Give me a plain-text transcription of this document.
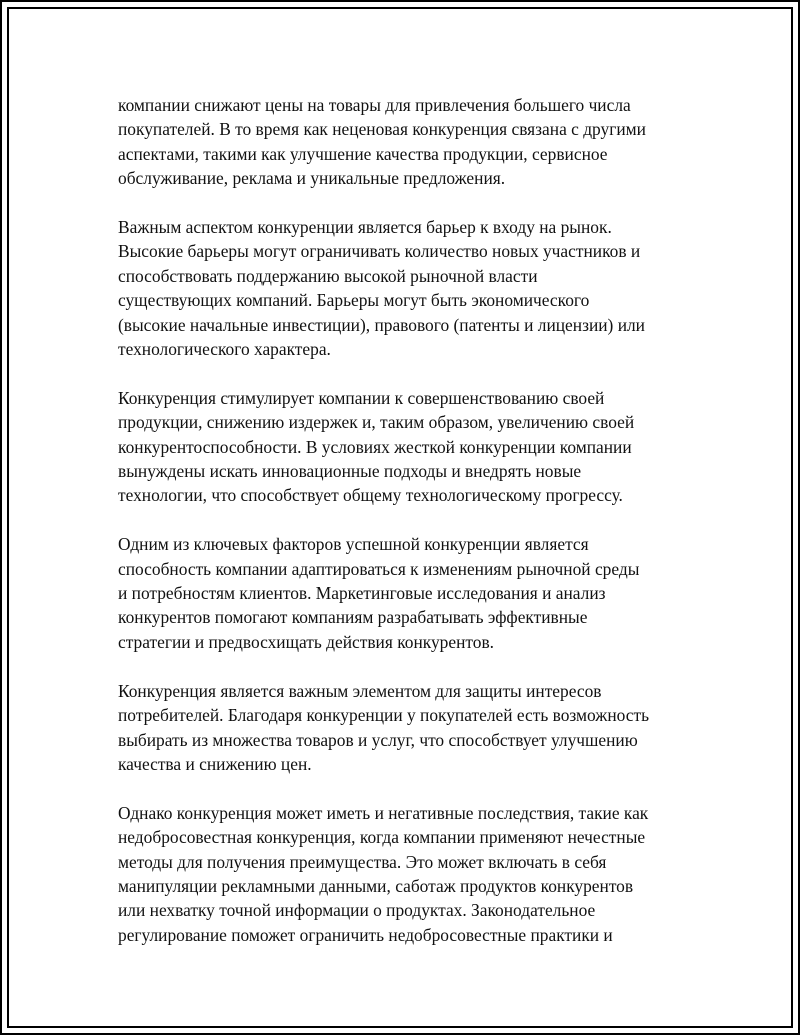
компании снижают цены на товары для привлечения большего числа
покупателей. В то время как неценовая конкуренция связана с другими
аспектами, такими как улучшение качества продукции, сервисное
обслуживание, реклама и уникальные предложения.

Важным аспектом конкуренции является барьер к входу на рынок.
Высокие барьеры могут ограничивать количество новых участников и
способствовать поддержанию высокой рыночной власти
существующих компаний. Барьеры могут быть экономического
(высокие начальные инвестиции), правового (патенты и лицензии) или
технологического характера.

Конкуренция стимулирует компании к совершенствованию своей
продукции, снижению издержек и, таким образом, увеличению своей
конкурентоспособности. В условиях жесткой конкуренции компании
вынуждены искать инновационные подходы и внедрять новые
технологии, что способствует общему технологическому прогрессу.

Одним из ключевых факторов успешной конкуренции является
способность компании адаптироваться к изменениям рыночной среды
и потребностям клиентов. Маркетинговые исследования и анализ
конкурентов помогают компаниям разрабатывать эффективные
стратегии и предвосхищать действия конкурентов.

Конкуренция является важным элементом для защиты интересов
потребителей. Благодаря конкуренции у покупателей есть возможность
выбирать из множества товаров и услуг, что способствует улучшению
качества и снижению цен.

Однако конкуренция может иметь и негативные последствия, такие как
недобросовестная конкуренция, когда компании применяют нечестные
методы для получения преимущества. Это может включать в себя
манипуляции рекламными данными, саботаж продуктов конкурентов
или нехватку точной информации о продуктах. Законодательное
регулирование поможет ограничить недобросовестные практики и
